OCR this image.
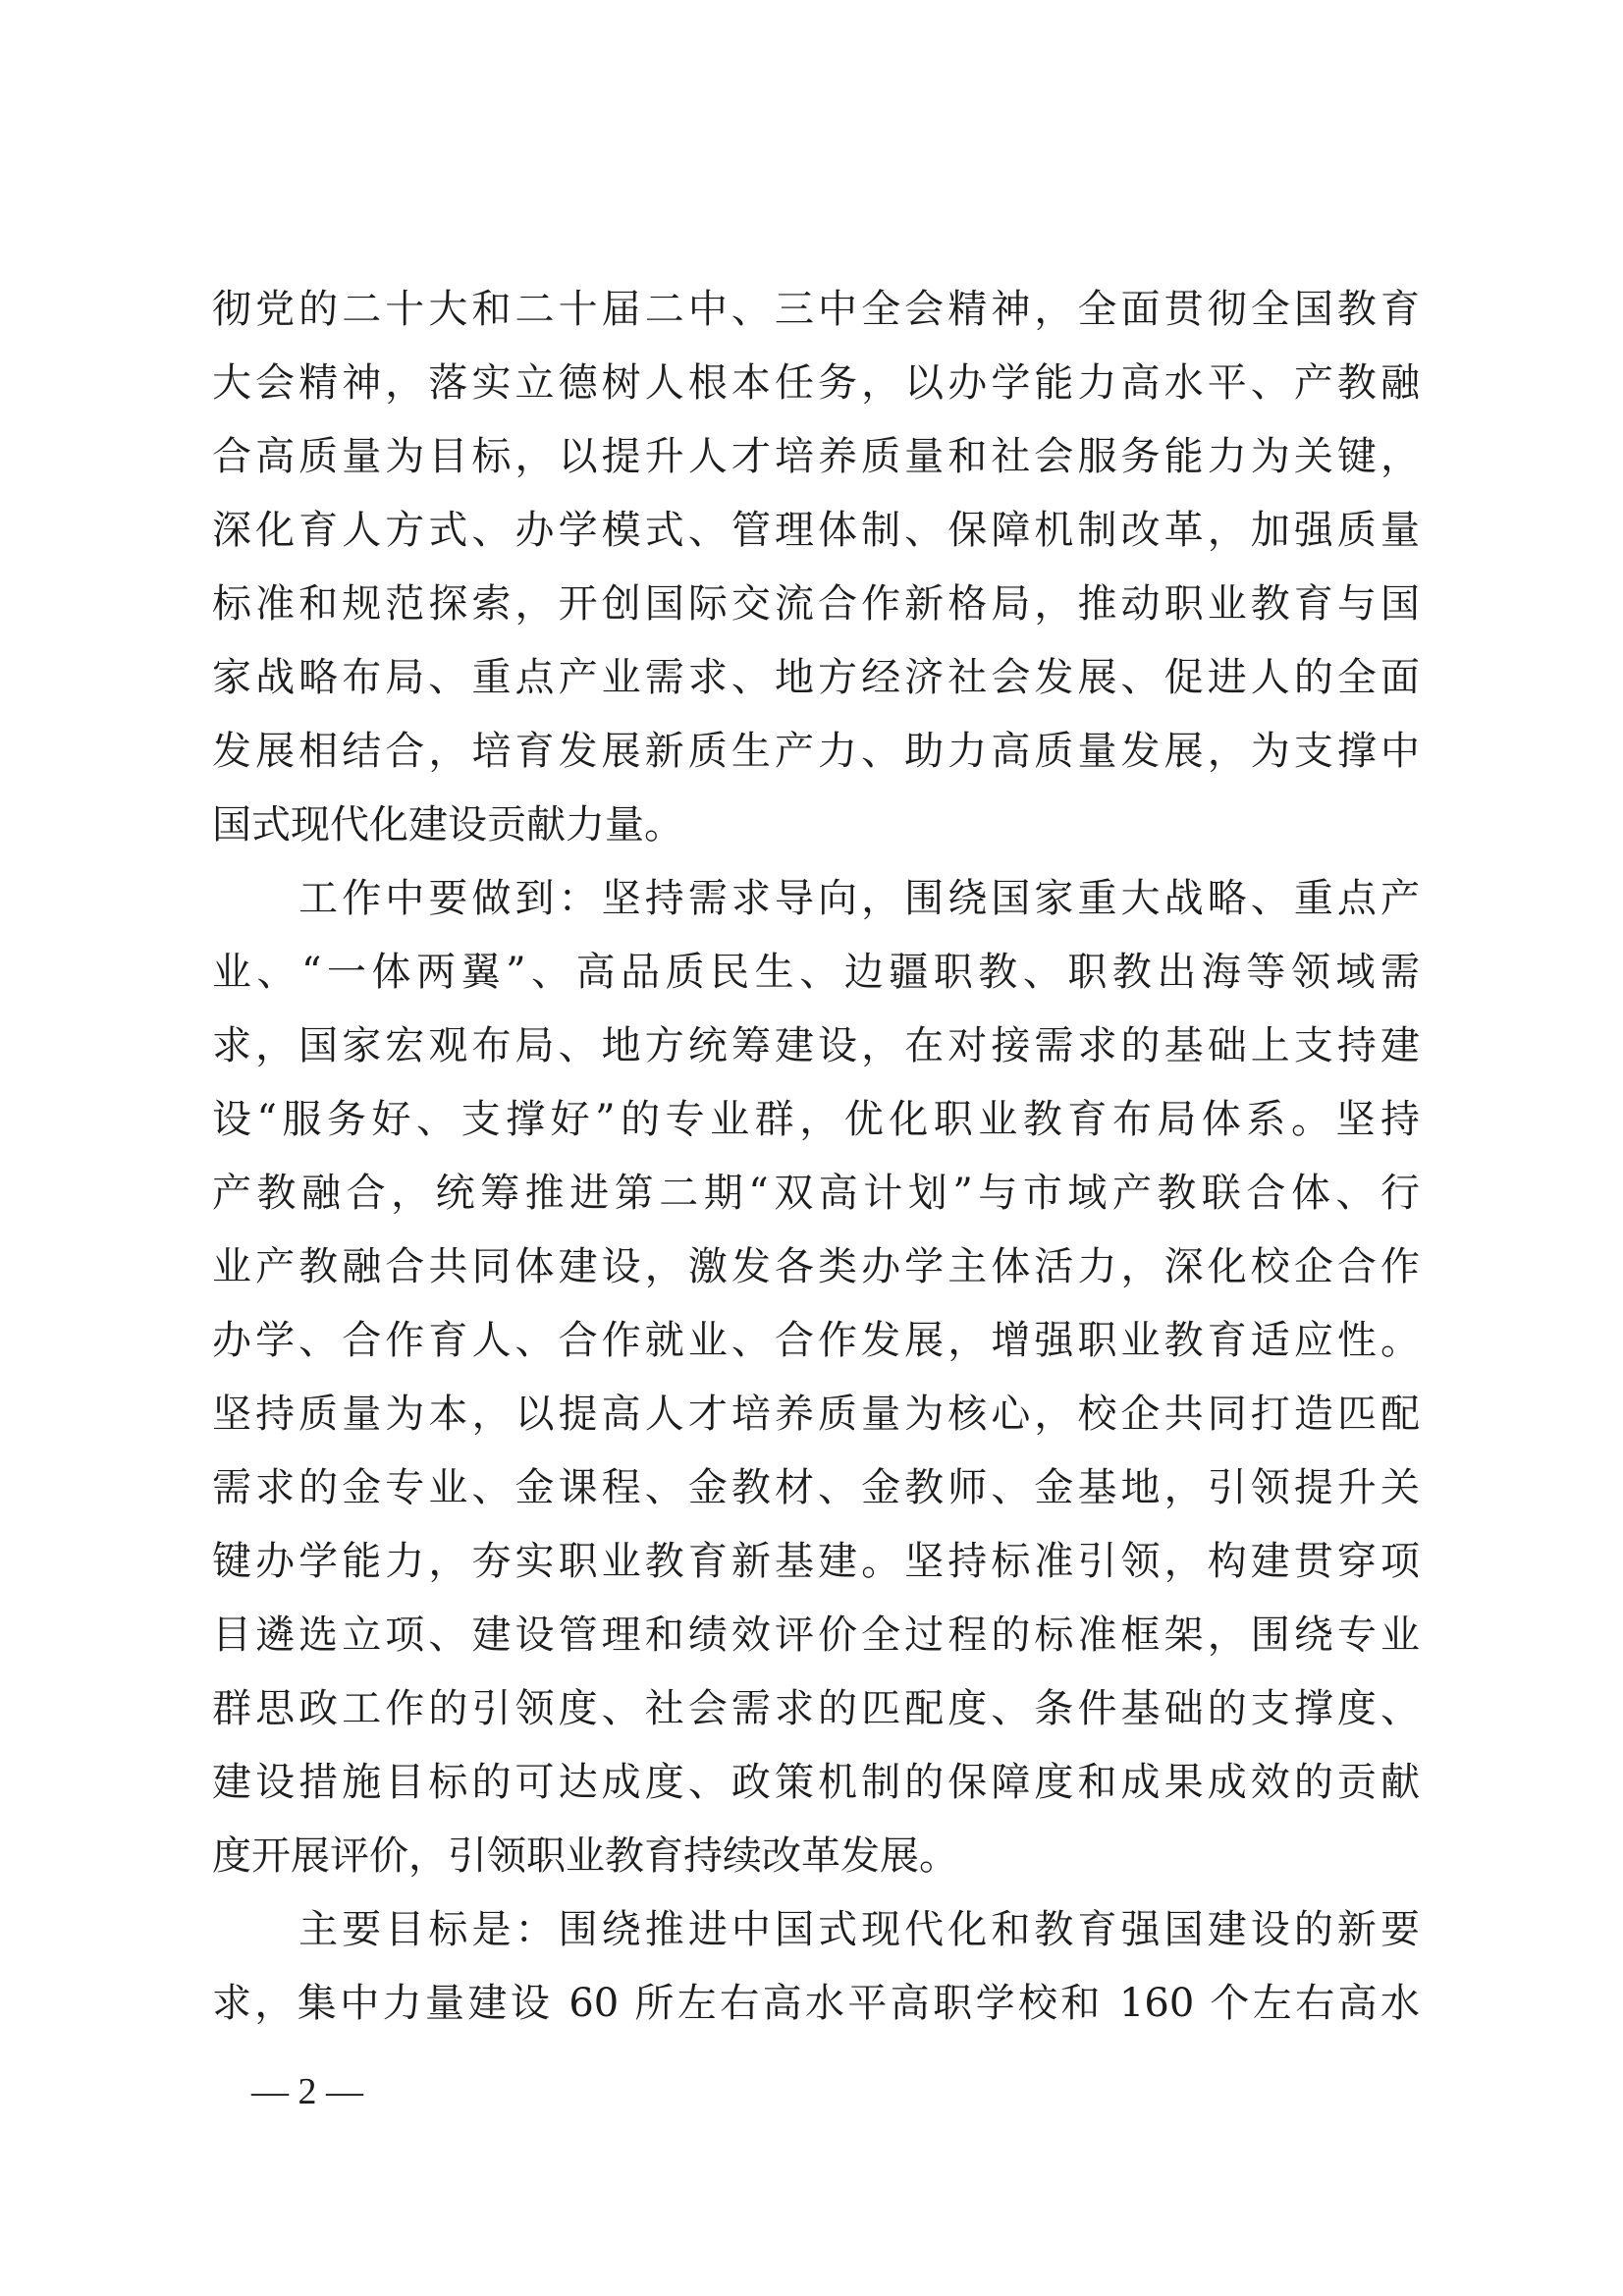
彻党的二十大和二十届二中、三中全会精神，全面贯彻全国教育
大会精神，落实立德树人根本任务，以办学能力高水平、产教融
合高质量为目标，以提升人才培养质量和社会服务能力为关键，
深化育人方式、办学模式、管理体制、保障机制改革，加强质量
标准和规范探索，开创国际交流合作新格局，推动职业教育与国
家战略布局、重点产业需求、地方经济社会发展、促进人的全面
发展相结合，培育发展新质生产力、助力高质量发展，为支撑中
国式现代化建设贡献力量。
　　工作中要做到：坚持需求导向，围绕国家重大战略、重点产
业、“一体两翼”、高品质民生、边疆职教、职教出海等领域需
求，国家宏观布局、地方统筹建设，在对接需求的基础上支持建
设“服务好、支撑好”的专业群，优化职业教育布局体系。坚持
产教融合，统筹推进第二期“双高计划”与市域产教联合体、行
业产教融合共同体建设，激发各类办学主体活力，深化校企合作
办学、合作育人、合作就业、合作发展，增强职业教育适应性。
坚持质量为本，以提高人才培养质量为核心，校企共同打造匹配
需求的金专业、金课程、金教材、金教师、金基地，引领提升关
键办学能力，夯实职业教育新基建。坚持标准引领，构建贯穿项
目遴选立项、建设管理和绩效评价全过程的标准框架，围绕专业
群思政工作的引领度、社会需求的匹配度、条件基础的支撑度、
建设措施目标的可达成度、政策机制的保障度和成果成效的贡献
度开展评价，引领职业教育持续改革发展。
　　主要目标是：围绕推进中国式现代化和教育强国建设的新要
求，集中力量建设 60 所左右高水平高职学校和 160 个左右高水
— 2 —
